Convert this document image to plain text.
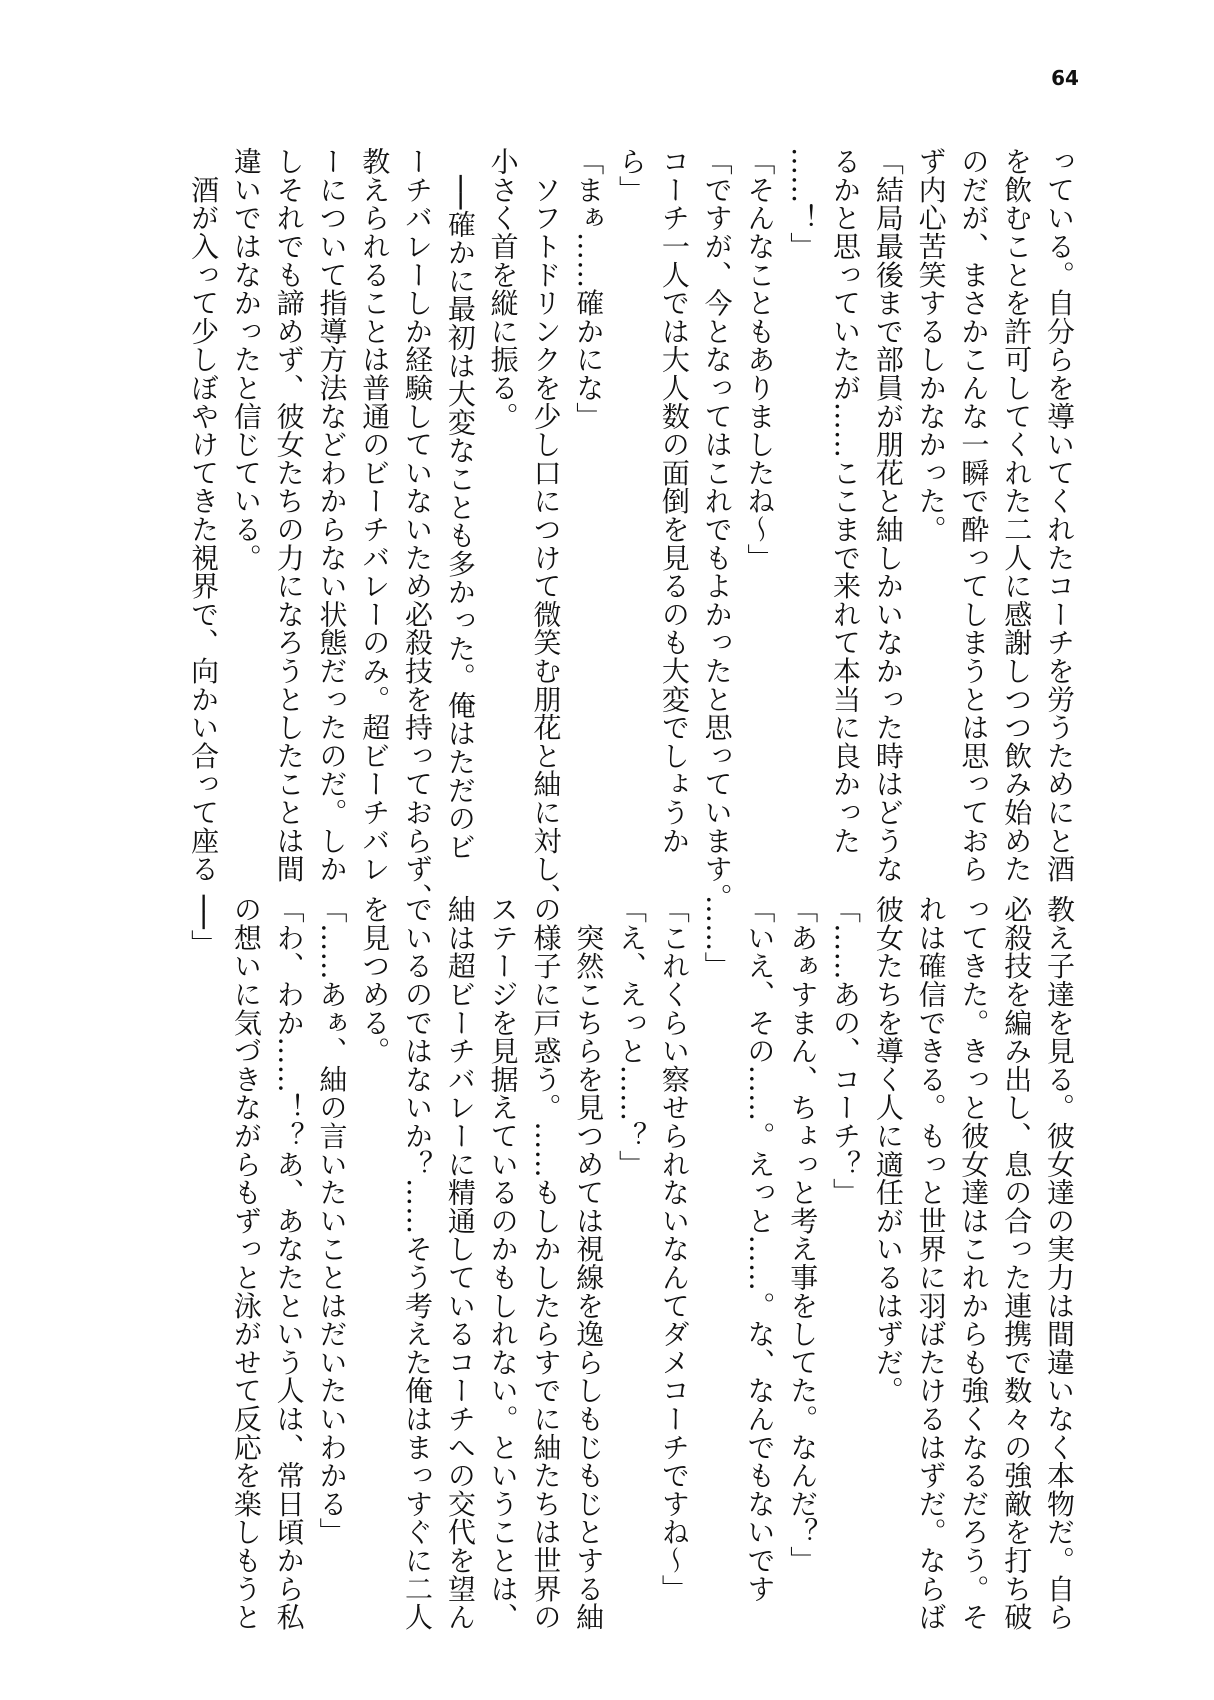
64

っている。自分らを導いてくれたコーチを労うためにと酒

を飲むことを許可してくれた二人に感謝しつつ飲み始めた

のだが、まさかこんな一瞬で酔ってしまうとは思っておら

ず内心苦笑するしかなかった。

「結局最後まで部員が朋花と紬しかいなかった時はどうな

るかと思っていたが……ここまで来れて本当に良かった

……！」

「そんなこともありましたね～」

「ですが、今となってはこれでもよかったと思っています。

コーチ一人では大人数の面倒を見るのも大変でしょうか

ら」

「まぁ……確かにな」

　ソフトドリンクを少し口につけて微笑む朋花と紬に対し、

小さく首を縦に振る。

　──確かに最初は大変なことも多かった。俺はただのビ

ーチバレーしか経験していないため必殺技を持っておらず、

教えられることは普通のビーチバレーのみ。超ビーチバレ

ーについて指導方法などわからない状態だったのだ。しか

しそれでも諦めず、彼女たちの力になろうとしたことは間

違いではなかったと信じている。

　酒が入って少しぼやけてきた視界で、向かい合って座る

教え子達を見る。彼女達の実力は間違いなく本物だ。自ら

必殺技を編み出し、息の合った連携で数々の強敵を打ち破

ってきた。きっと彼女達はこれからも強くなるだろう。そ

れは確信できる。もっと世界に羽ばたけるはずだ。ならば

彼女たちを導く人に適任がいるはずだ。

「……あの、コーチ？」

「あぁすまん、ちょっと考え事をしてた。なんだ？」

「いえ、その……。えっと……。な、なんでもないです

……」

「これくらい察せられないなんてダメコーチですね～」

「え、えっと……？」

　突然こちらを見つめては視線を逸らしもじもじとする紬

の様子に戸惑う。……もしかしたらすでに紬たちは世界の

ステージを見据えているのかもしれない。ということは、

紬は超ビーチバレーに精通しているコーチへの交代を望ん

でいるのではないか？……そう考えた俺はまっすぐに二人

を見つめる。

「……あぁ、紬の言いたいことはだいたいわかる」

「わ、わか……！？あ、あなたという人は、常日頃から私

の想いに気づきながらもずっと泳がせて反応を楽しもうと

──」
